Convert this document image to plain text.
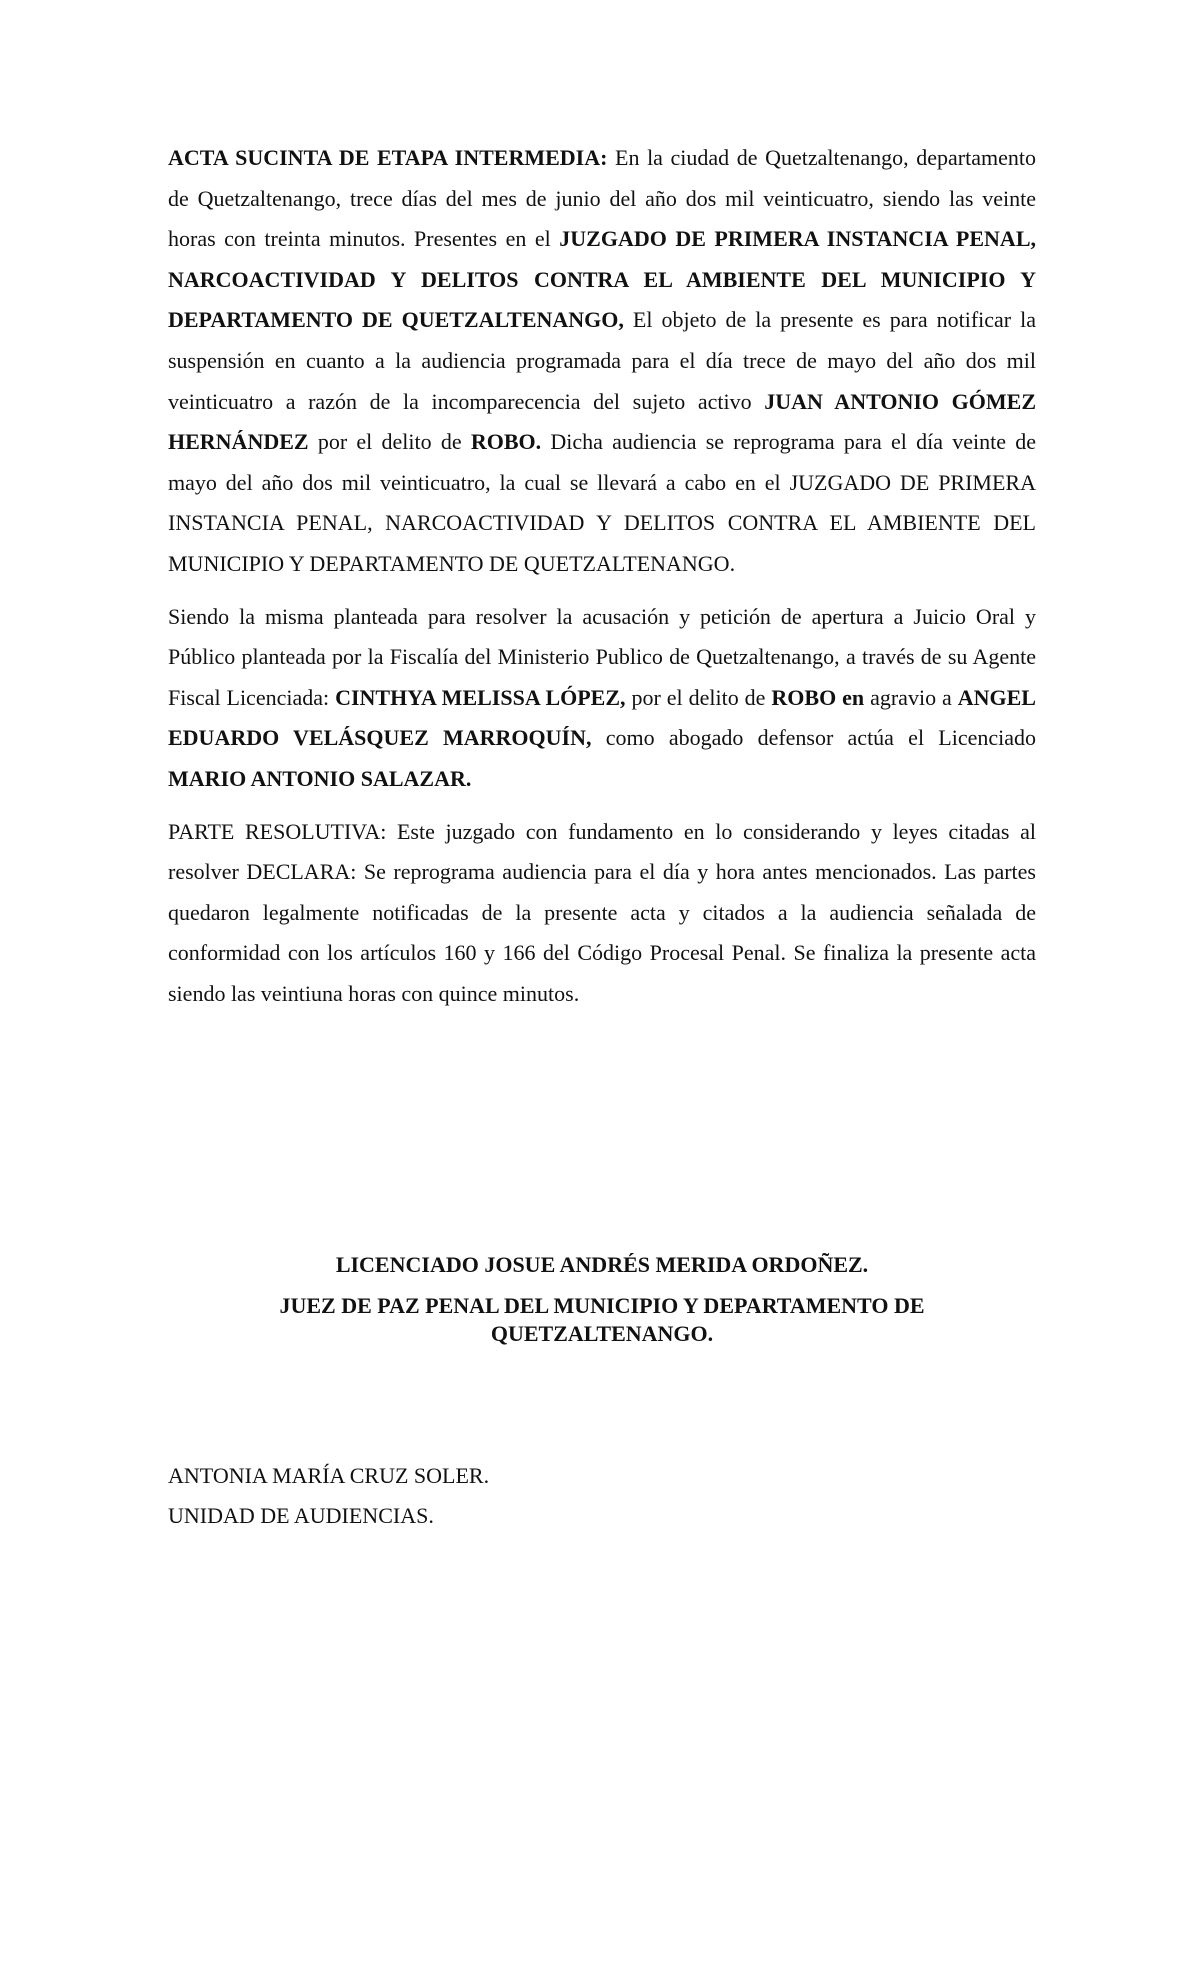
ACTA SUCINTA DE ETAPA INTERMEDIA: En la ciudad de Quetzaltenango, departamento de Quetzaltenango, trece días del mes de junio del año dos mil veinticuatro, siendo las veinte horas con treinta minutos. Presentes en el JUZGADO DE PRIMERA INSTANCIA PENAL, NARCOACTIVIDAD Y DELITOS CONTRA EL AMBIENTE DEL MUNICIPIO Y DEPARTAMENTO DE QUETZALTENANGO, El objeto de la presente es para notificar la suspensión en cuanto a la audiencia programada para el día trece de mayo del año dos mil veinticuatro a razón de la incomparecencia del sujeto activo JUAN ANTONIO GÓMEZ HERNÁNDEZ por el delito de ROBO. Dicha audiencia se reprograma para el día veinte de mayo del año dos mil veinticuatro, la cual se llevará a cabo en el JUZGADO DE PRIMERA INSTANCIA PENAL, NARCOACTIVIDAD Y DELITOS CONTRA EL AMBIENTE DEL MUNICIPIO Y DEPARTAMENTO DE QUETZALTENANGO.

Siendo la misma planteada para resolver la acusación y petición de apertura a Juicio Oral y Público planteada por la Fiscalía del Ministerio Publico de Quetzaltenango, a través de su Agente Fiscal Licenciada: CINTHYA MELISSA LÓPEZ, por el delito de ROBO en agravio a ANGEL EDUARDO VELÁSQUEZ MARROQUÍN, como abogado defensor actúa el Licenciado MARIO ANTONIO SALAZAR.

PARTE RESOLUTIVA: Este juzgado con fundamento en lo considerando y leyes citadas al resolver DECLARA: Se reprograma audiencia para el día y hora antes mencionados. Las partes quedaron legalmente notificadas de la presente acta y citados a la audiencia señalada de conformidad con los artículos 160 y 166 del Código Procesal Penal. Se finaliza la presente acta siendo las veintiuna horas con quince minutos.

LICENCIADO JOSUE ANDRÉS MERIDA ORDOÑEZ.
JUEZ DE PAZ PENAL DEL MUNICIPIO Y DEPARTAMENTO DE QUETZALTENANGO.
ANTONIA MARÍA CRUZ SOLER.
UNIDAD DE AUDIENCIAS.
